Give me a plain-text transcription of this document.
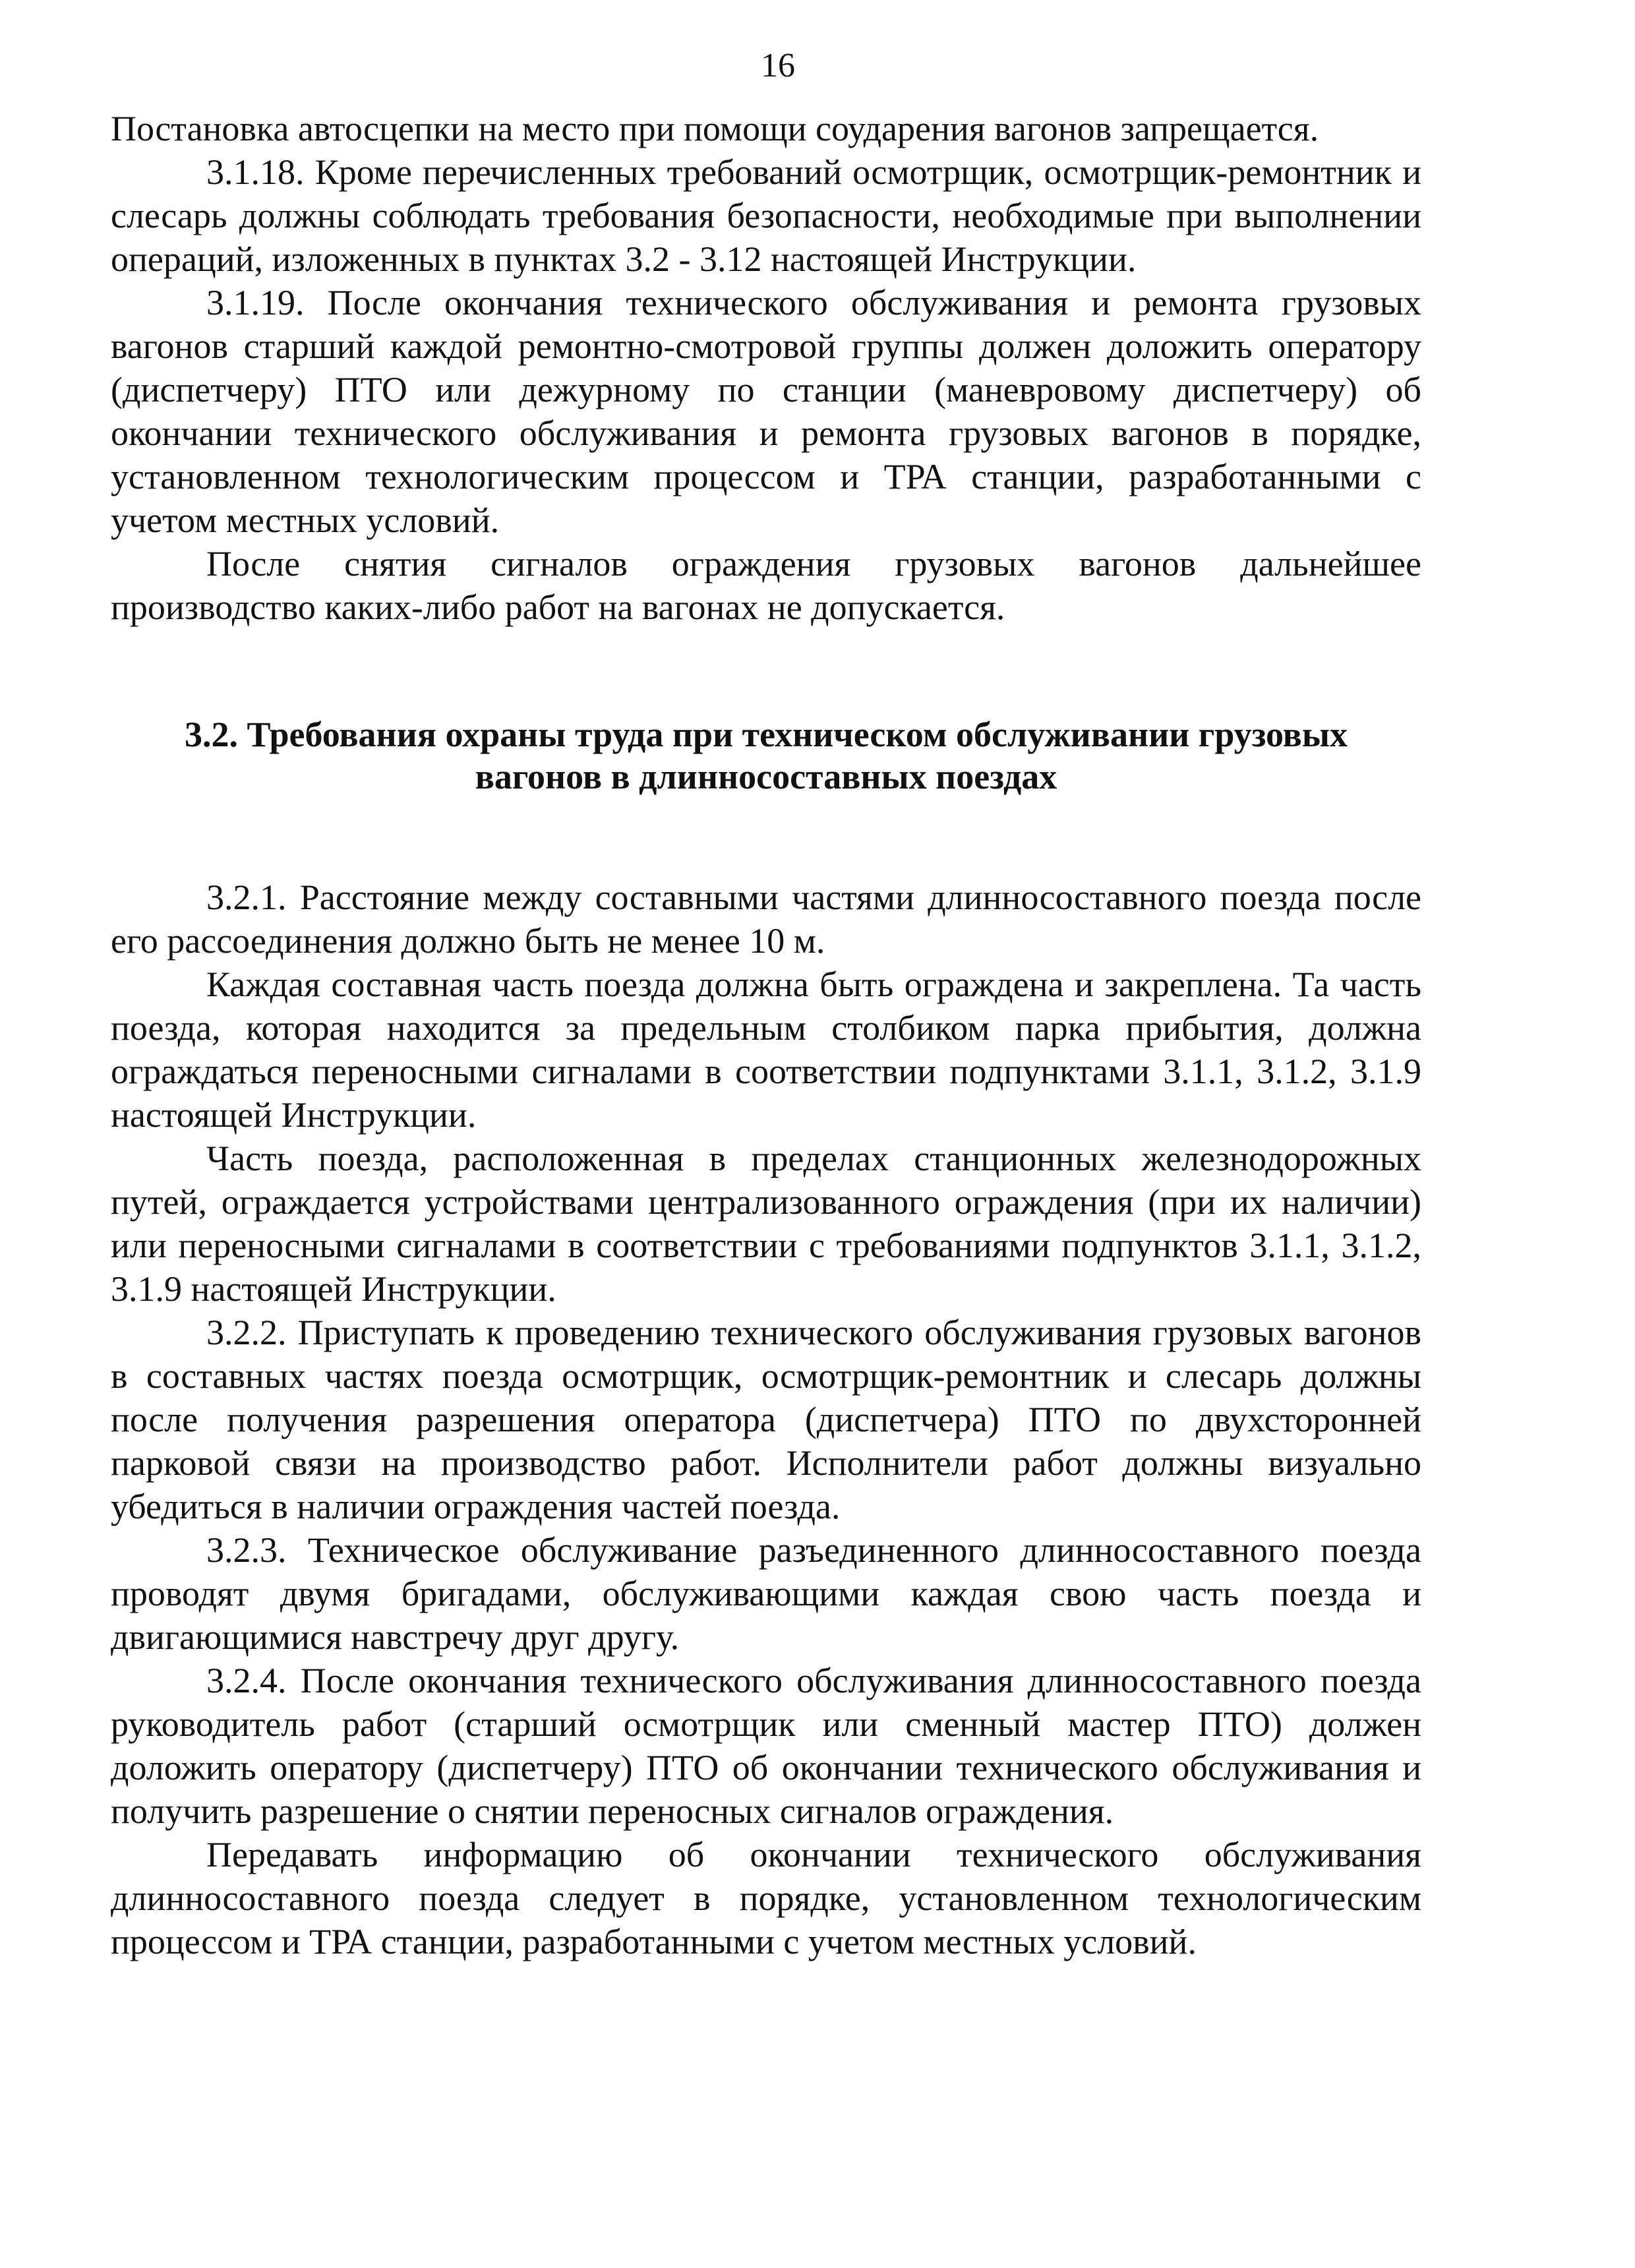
16

Постановка автосцепки на место при помощи соударения вагонов запрещается.

3.1.18. Кроме перечисленных требований осмотрщик, осмотрщик-ремонтник и слесарь должны соблюдать требования безопасности, необходимые при выполнении операций, изложенных в пунктах 3.2 - 3.12 настоящей Инструкции.

3.1.19. После окончания технического обслуживания и ремонта грузовых вагонов старший каждой ремонтно-смотровой группы должен доложить оператору (диспетчеру) ПТО или дежурному по станции (маневровому диспетчеру) об окончании технического обслуживания и ремонта грузовых вагонов в порядке, установленном технологическим процессом и ТРА станции, разработанными с учетом местных условий.

После снятия сигналов ограждения грузовых вагонов дальнейшее производство каких-либо работ на вагонах не допускается.

3.2. Требования охраны труда при техническом обслуживании грузовых
вагонов в длинносоставных поездах

3.2.1. Расстояние между составными частями длинносоставного поезда после его рассоединения должно быть не менее 10 м.

Каждая составная часть поезда должна быть ограждена и закреплена. Та часть поезда, которая находится за предельным столбиком парка прибытия, должна ограждаться переносными сигналами в соответствии подпунктами 3.1.1, 3.1.2, 3.1.9 настоящей Инструкции.

Часть поезда, расположенная в пределах станционных железнодорожных путей, ограждается устройствами централизованного ограждения (при их наличии) или переносными сигналами в соответствии с требованиями подпунктов 3.1.1, 3.1.2, 3.1.9 настоящей Инструкции.

3.2.2. Приступать к проведению технического обслуживания грузовых вагонов в составных частях поезда осмотрщик, осмотрщик-ремонтник и слесарь должны после получения разрешения оператора (диспетчера) ПТО по двухсторонней парковой связи на производство работ. Исполнители работ должны визуально убедиться в наличии ограждения частей поезда.

3.2.3. Техническое обслуживание разъединенного длинносоставного поезда проводят двумя бригадами, обслуживающими каждая свою часть поезда и двигающимися навстречу друг другу.

3.2.4. После окончания технического обслуживания длинносоставного поезда руководитель работ (старший осмотрщик или сменный мастер ПТО) должен доложить оператору (диспетчеру) ПТО об окончании технического обслуживания и получить разрешение о снятии переносных сигналов ограждения.

Передавать информацию об окончании технического обслуживания длинносоставного поезда следует в порядке, установленном технологическим процессом и ТРА станции, разработанными с учетом местных условий.
